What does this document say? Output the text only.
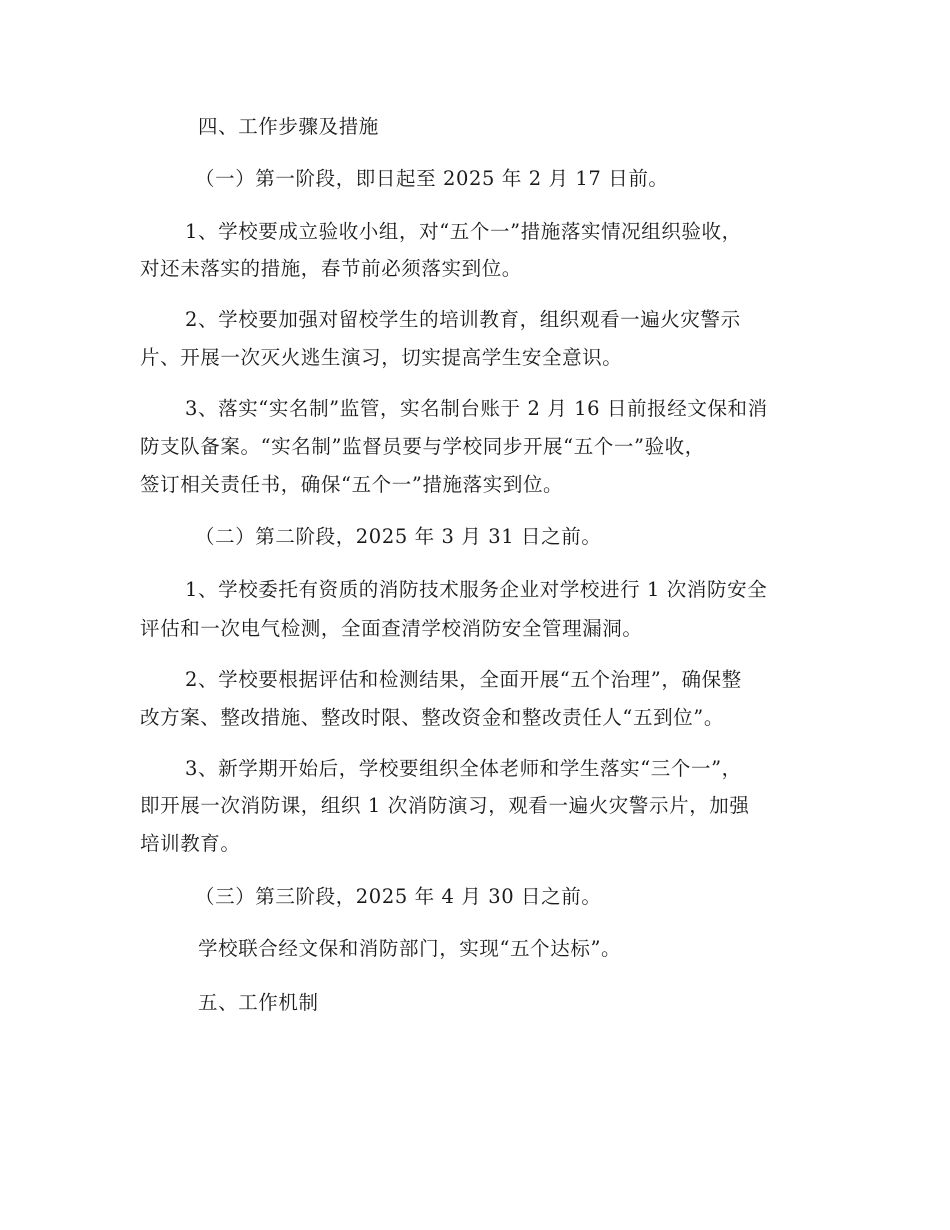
四、工作步骤及措施
（一）第一阶段，即日起至 2025 年 2 月 17 日前。
1、学校要成立验收小组，对“五个一”措施落实情况组织验收，
对还未落实的措施，春节前必须落实到位。
2、学校要加强对留校学生的培训教育，组织观看一遍火灾警示
片、开展一次灭火逃生演习，切实提高学生安全意识。
3、落实“实名制”监管，实名制台账于 2 月 16 日前报经文保和消
防支队备案。“实名制”监督员要与学校同步开展“五个一”验收，
签订相关责任书，确保“五个一”措施落实到位。
（二）第二阶段，2025 年 3 月 31 日之前。
1、学校委托有资质的消防技术服务企业对学校进行 1 次消防安全
评估和一次电气检测，全面查清学校消防安全管理漏洞。
2、学校要根据评估和检测结果，全面开展“五个治理”，确保整
改方案、整改措施、整改时限、整改资金和整改责任人“五到位”。
3、新学期开始后，学校要组织全体老师和学生落实“三个一”，
即开展一次消防课，组织 1 次消防演习，观看一遍火灾警示片，加强
培训教育。
（三）第三阶段，2025 年 4 月 30 日之前。
学校联合经文保和消防部门，实现“五个达标”。
五、工作机制
